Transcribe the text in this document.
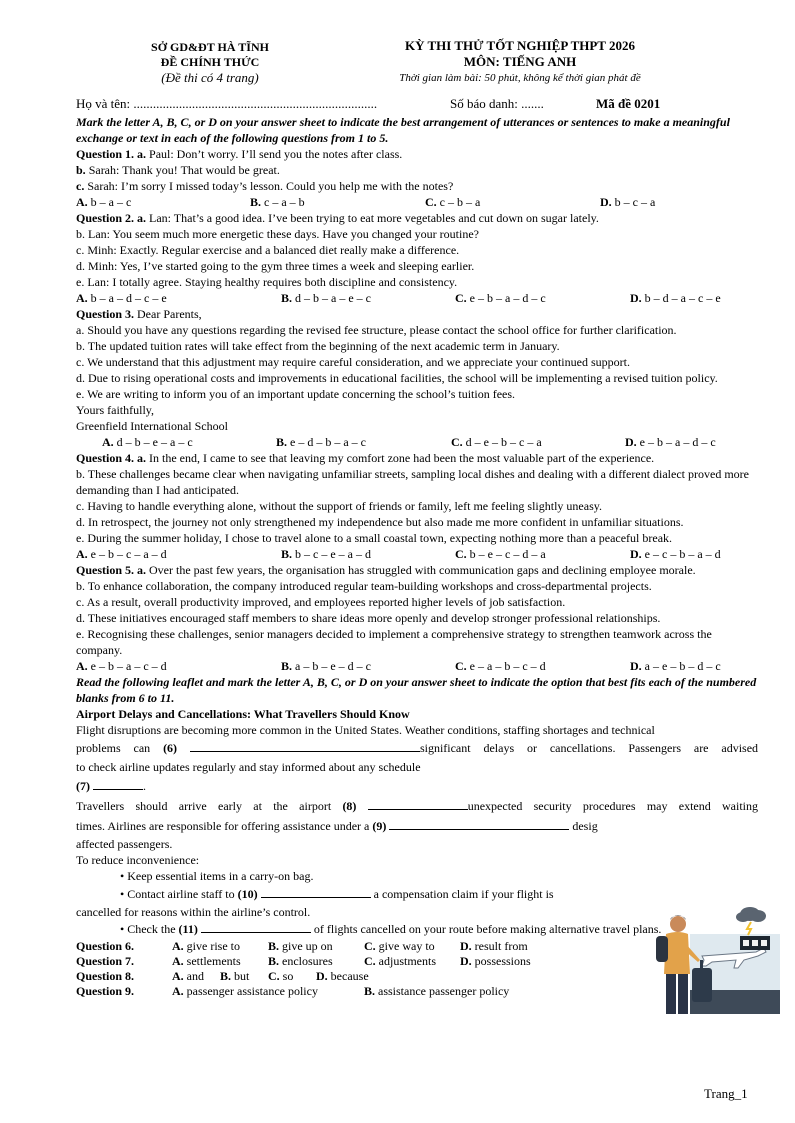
SỞ GD&ĐT HÀ TĨNH
ĐỀ CHÍNH THỨC
(Đề thi có 4 trang)
KỲ THI THỬ TỐT NGHIỆP THPT 2026
MÔN: TIẾNG ANH
Thời gian làm bài: 50 phút, không kể thời gian phát đề
Họ và tên: ...........................................................................	Số báo danh: .......	Mã đề 0201
Mark the letter A, B, C, or D on your answer sheet to indicate the best arrangement of utterances or sentences to make a meaningful exchange or text in each of the following questions from 1 to 5.
Question 1. a. Paul: Don’t worry. I’ll send you the notes after class.
b. Sarah: Thank you! That would be great.
c. Sarah: I’m sorry I missed today’s lesson. Could you help me with the notes?
A. b – a – c	B. c – a – b	C. c – b – a	D. b – c – a
Question 2. a. Lan: That’s a good idea. I’ve been trying to eat more vegetables and cut down on sugar lately.
b. Lan: You seem much more energetic these days. Have you changed your routine?
c. Minh: Exactly. Regular exercise and a balanced diet really make a difference.
d. Minh: Yes, I’ve started going to the gym three times a week and sleeping earlier.
e. Lan: I totally agree. Staying healthy requires both discipline and consistency.
A. b – a – d – c – e	B. d – b – a – e – c	C. e – b – a – d – c	D. b – d – a – c – e
Question 3. Dear Parents,
a. Should you have any questions regarding the revised fee structure, please contact the school office for further clarification.
b. The updated tuition rates will take effect from the beginning of the next academic term in January.
c. We understand that this adjustment may require careful consideration, and we appreciate your continued support.
d. Due to rising operational costs and improvements in educational facilities, the school will be implementing a revised tuition policy.
e. We are writing to inform you of an important update concerning the school’s tuition fees.
Yours faithfully,
Greenfield International School
A. d – b – e – a – c	B. e – d – b – a – c	C. d – e – b – c – a	D. e – b – a – d – c
Question 4. a. In the end, I came to see that leaving my comfort zone had been the most valuable part of the experience.
b. These challenges became clear when navigating unfamiliar streets, sampling local dishes and dealing with a different dialect proved more demanding than I had anticipated.
c. Having to handle everything alone, without the support of friends or family, left me feeling slightly uneasy.
d. In retrospect, the journey not only strengthened my independence but also made me more confident in unfamiliar situations.
e. During the summer holiday, I chose to travel alone to a small coastal town, expecting nothing more than a peaceful break.
A. e – b – c – a – d	B. b – c – e – a – d	C. b – e – c – d – a	D. e – c – b – a – d
Question 5. a. Over the past few years, the organisation has struggled with communication gaps and declining employee morale.
b. To enhance collaboration, the company introduced regular team-building workshops and cross-departmental projects.
c. As a result, overall productivity improved, and employees reported higher levels of job satisfaction.
d. These initiatives encouraged staff members to share ideas more openly and develop stronger professional relationships.
e. Recognising these challenges, senior managers decided to implement a comprehensive strategy to strengthen teamwork across the company.
A. e – b – a – c – d	B. a – b – e – d – c	C. e – a – b – c – d	D. a – e – b – d – c
Read the following leaflet and mark the letter A, B, C, or D on your answer sheet to indicate the option that best fits each of the numbered blanks from 6 to 11.
Airport Delays and Cancellations: What Travellers Should Know
Flight disruptions are becoming more common in the United States. Weather conditions, staffing shortages and technical
problems can (6)	significant delays or cancellations. Passengers are advised
to check airline updates regularly and stay informed about any schedule
(7)	.
Travellers should arrive early at the airport (8)	unexpected security procedures may extend waiting
times. Airlines are responsible for offering assistance under a (9)	desig
affected passengers.
To reduce inconvenience:
• Keep essential items in a carry-on bag.
• Contact airline staff to (10)	a compensation claim if your flight is
cancelled for reasons within the airline’s control.
• Check the (11)	of flights cancelled on your route before making alternative travel plans.
Question 6.	A. give rise to B. give up on	C. give way to D. result from
Question 7.	A. settlements B. enclosures	C. adjustments D. possessions
Question 8.	A. and B. but C. so D. because
Question 9.	A. passenger assistance policy	B. assistance passenger policy
Trang_1
